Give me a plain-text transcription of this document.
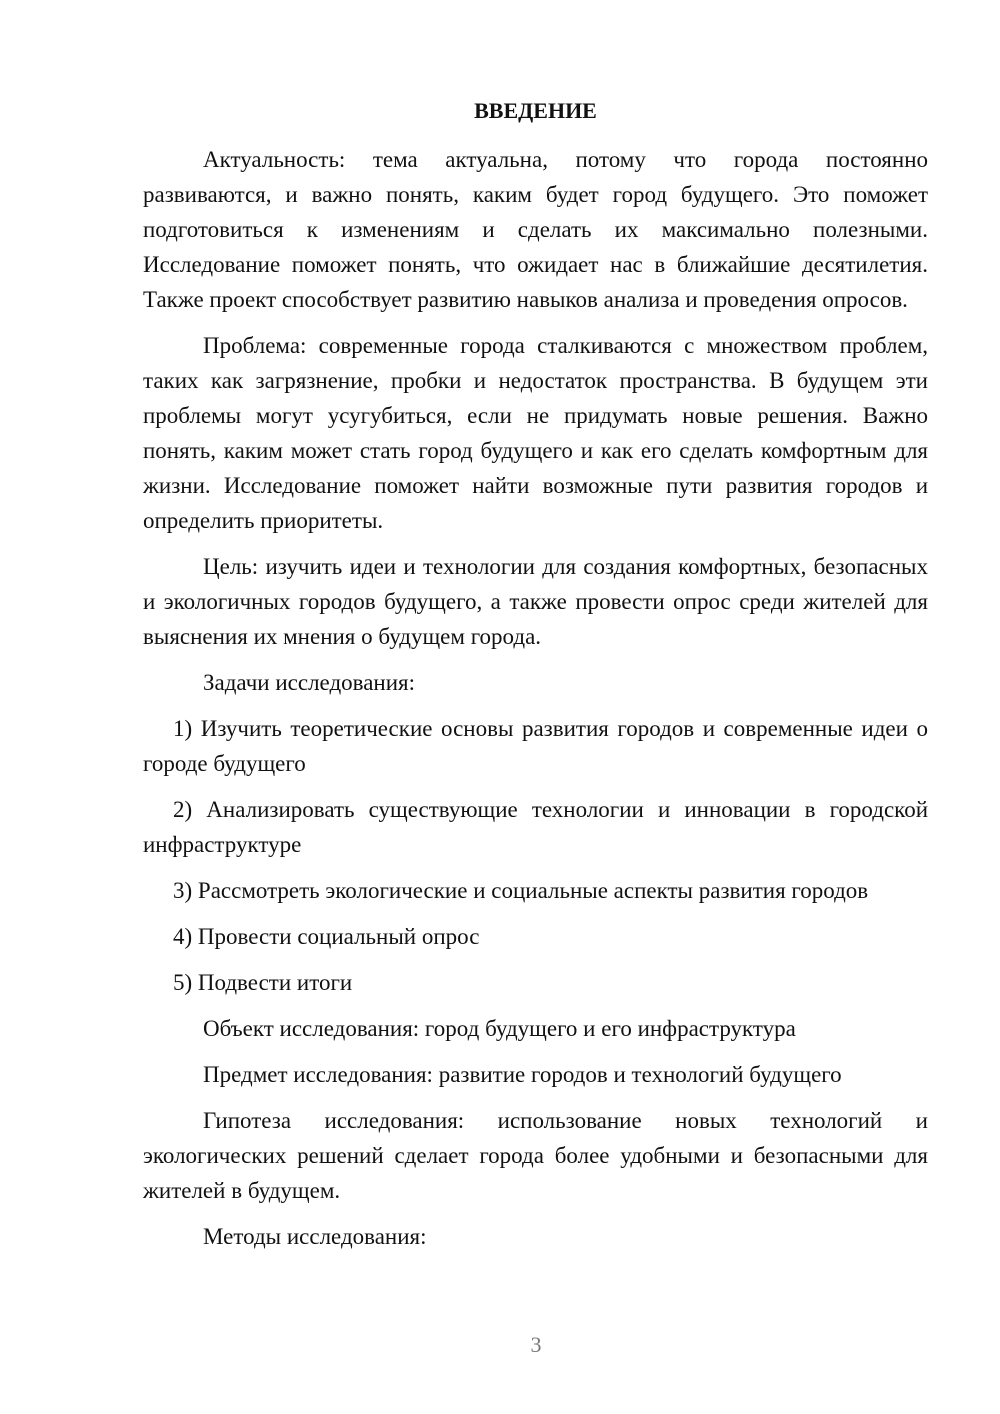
ВВЕДЕНИЕ

Актуальность: тема актуальна, потому что города постоянно развиваются, и важно понять, каким будет город будущего. Это поможет подготовиться к изменениям и сделать их максимально полезными. Исследование поможет понять, что ожидает нас в ближайшие десятилетия. Также проект способствует развитию навыков анализа и проведения опросов.

Проблема: современные города сталкиваются с множеством проблем, таких как загрязнение, пробки и недостаток пространства. В будущем эти проблемы могут усугубиться, если не придумать новые решения. Важно понять, каким может стать город будущего и как его сделать комфортным для жизни. Исследование поможет найти возможные пути развития городов и определить приоритеты.

Цель: изучить идеи и технологии для создания комфортных, безопасных и экологичных городов будущего, а также провести опрос среди жителей для выяснения их мнения о будущем города.

Задачи исследования:

1) Изучить теоретические основы развития городов и современные идеи о городе будущего

2) Анализировать существующие технологии и инновации в городской инфраструктуре

3) Рассмотреть экологические и социальные аспекты развития городов

4) Провести социальный опрос

5) Подвести итоги

Объект исследования: город будущего и его инфраструктура

Предмет исследования: развитие городов и технологий будущего

Гипотеза исследования: использование новых технологий и экологических решений сделает города более удобными и безопасными для жителей в будущем.

Методы исследования:

3
